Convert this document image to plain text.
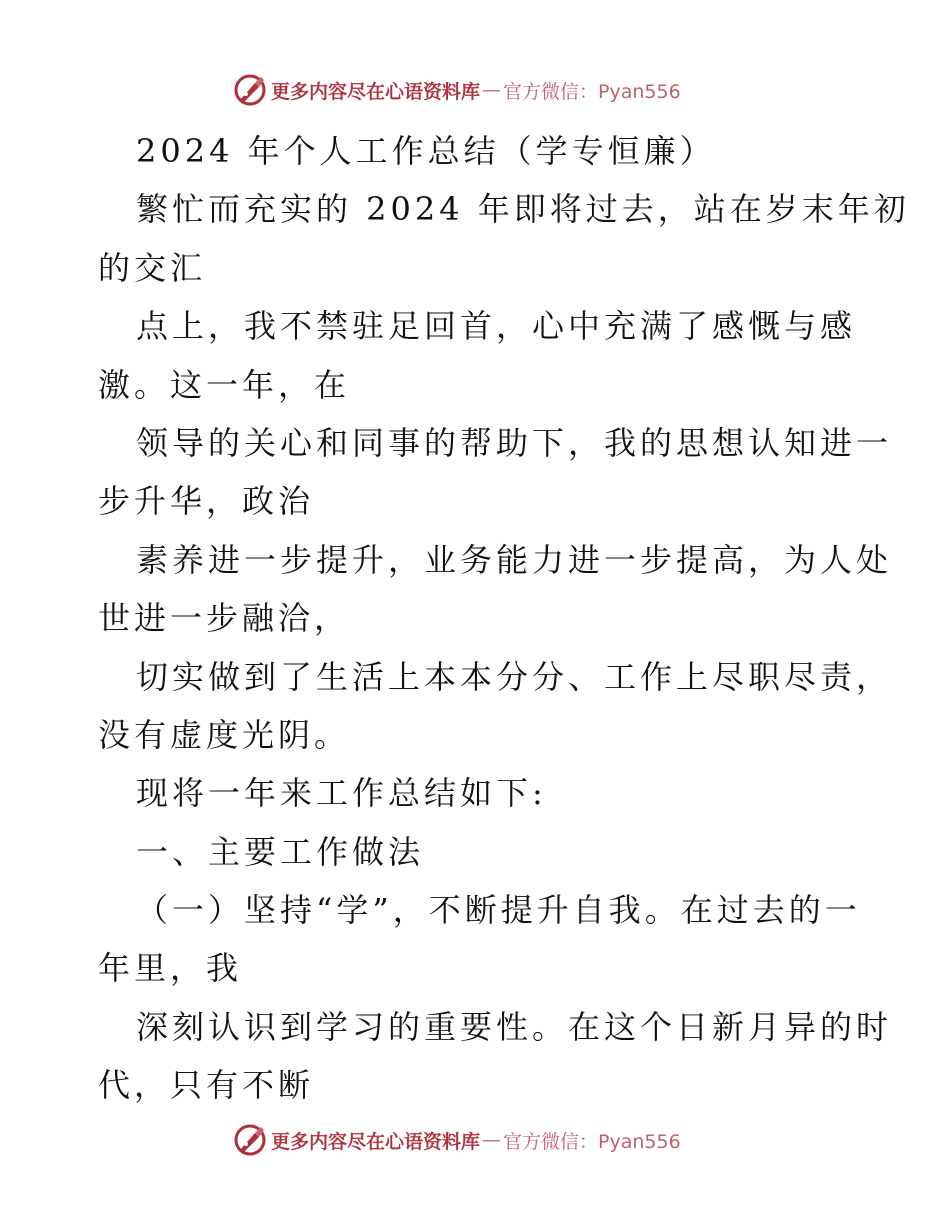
更多内容尽在心语资料库 — 官方微信：Pyan556
2024 年个人工作总结（学专恒廉）
繁忙而充实的 2024 年即将过去，站在岁末年初
的交汇
点上，我不禁驻足回首，心中充满了感慨与感
激。这一年，在
领导的关心和同事的帮助下，我的思想认知进一
步升华，政治
素养进一步提升，业务能力进一步提高，为人处
世进一步融洽，
切实做到了生活上本本分分、工作上尽职尽责，
没有虚度光阴。
现将一年来工作总结如下:
一、主要工作做法
（一）坚持“学”，不断提升自我。在过去的一
年里，我
深刻认识到学习的重要性。在这个日新月异的时
代，只有不断
更多内容尽在心语资料库 — 官方微信：Pyan556
